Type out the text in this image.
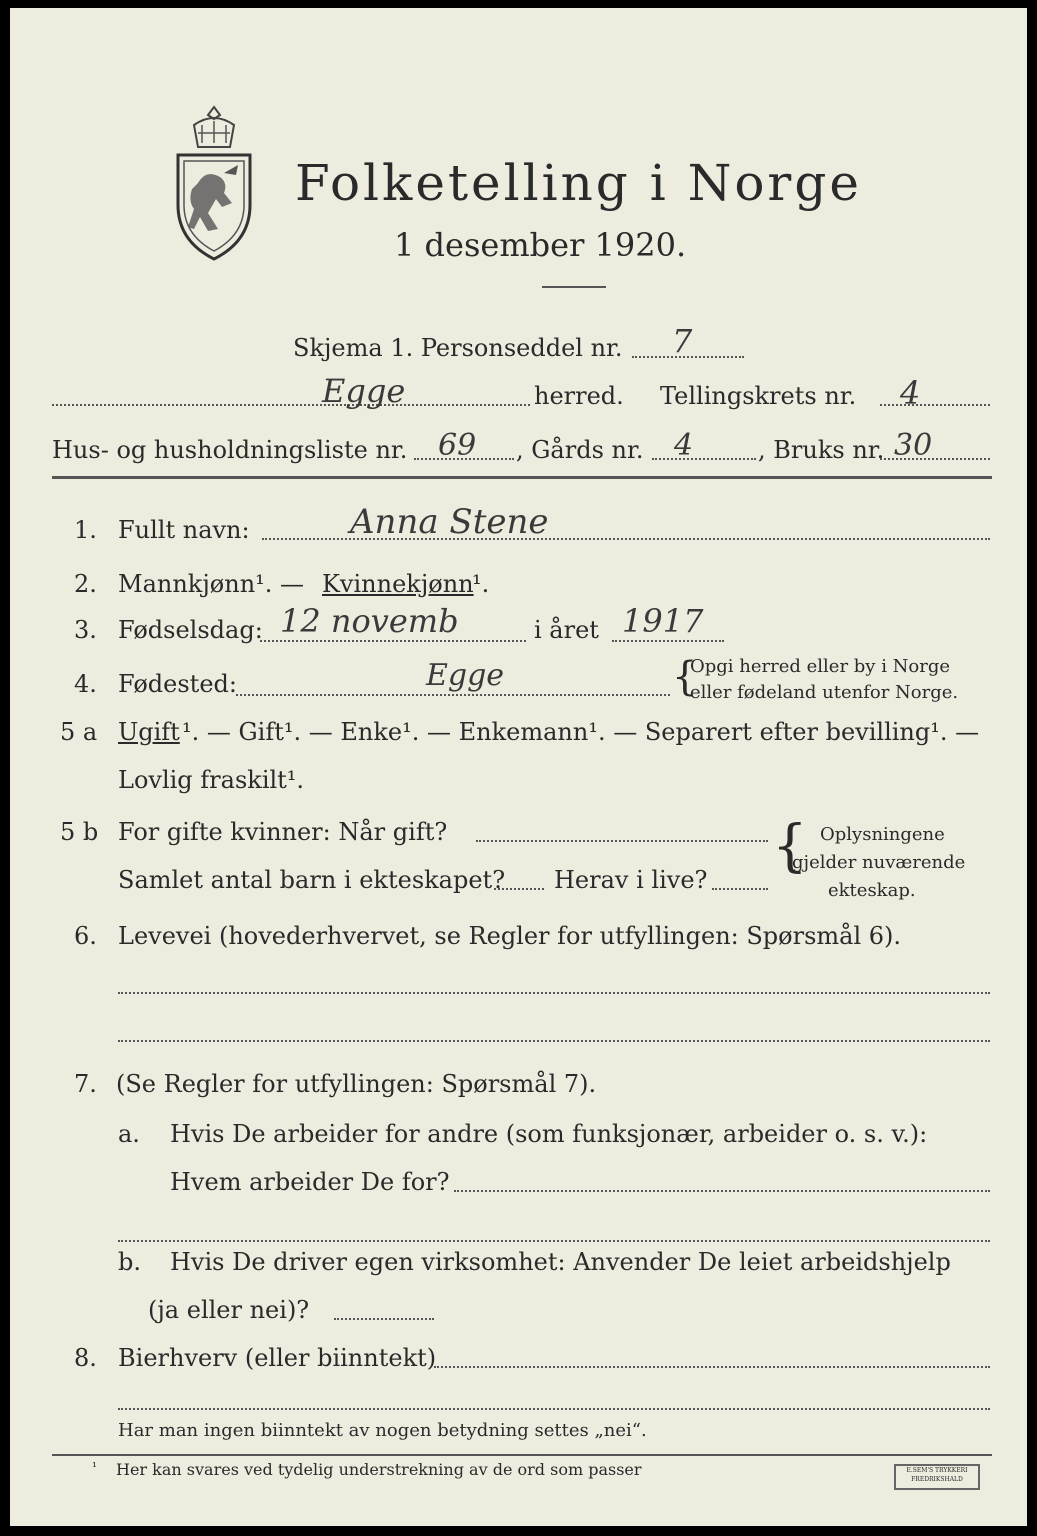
Folketelling i Norge
1 desember 1920.
Skjema 1. Personseddel nr. 7
Egge	herred. Tellingskrets nr. 4
Hus- og husholdningsliste nr. 69 , Gårds nr. 4	, Bruks nr. 30
1. Fullt navn:	Anna Stene
2. Mannkjønn¹. — Kvinnekjønn
¹.
3. Fødselsdag: 12 novemb	i året 1917
4. Fødested:	Egge	{
Opgi herred eller by i Norge
eller fødeland utenfor Norge.
5 a Ugift ¹. — Gift¹. — Enke¹. — Enkemann¹. — Separert efter bevilling¹. —
Lovlig fraskilt¹.
5 b For gifte kvinner: Når gift?
Samlet antal barn i ekteskapet? Herav i live?
{ Oplysningene
gjelder nuværende
ekteskap.
6. Levevei (hovederhvervet, se Regler for utfyllingen: Spørsmål 6).
7. (Se Regler for utfyllingen: Spørsmål 7).
a. Hvis De arbeider for andre (som funksjonær, arbeider o. s. v.):
Hvem arbeider De for?
b. Hvis De driver egen virksomhet: Anvender De leiet arbeidshjelp
(ja eller nei)?
8. Bierhverv (eller biinntekt)
Har man ingen biinntekt av nogen betydning settes „nei“.
¹ Her kan svares ved tydelig understrekning av de ord som passer	E.SEM'S TRYKKERI
FREDRIKSHALD
